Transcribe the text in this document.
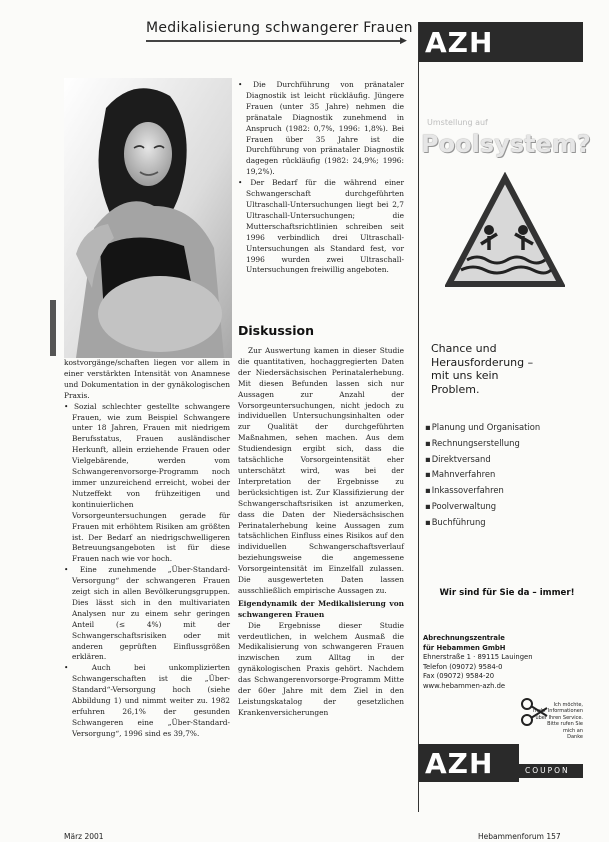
Medikalisierung schwangerer Frauen
▶

kostvorgänge/schaften liegen vor allem in einer verstärkten Intensität von Anamnese und Dokumentation in der gynäkologischen Praxis.

• Sozial schlechter gestellte schwangere Frauen, wie zum Beispiel Schwangere unter 18 Jahren, Frauen mit niedrigem Berufsstatus, Frauen ausländischer Herkunft, allein erziehende Frauen oder Vielgebärende, werden vom Schwangerenvorsorge-Programm noch immer unzureichend erreicht, wobei der Nutzeffekt von frühzeitigen und kontinuierlichen Vorsorgeuntersuchungen gerade für Frauen mit erhöhtem Risiken am größten ist. Der Bedarf an niedrigschwelligeren Betreuungsangeboten ist für diese Frauen nach wie vor hoch.

• Eine zunehmende „Über-Standard-Versorgung“ der schwangeren Frauen zeigt sich in allen Bevölkerungsgruppen. Dies lässt sich in den multivariaten Analysen nur zu einem sehr geringen Anteil (≤ 4%) mit der Schwangerschaftsrisiken oder mit anderen geprüften Einflussgrößen erklären.

• Auch bei unkomplizierten Schwangerschaften ist die „Über-Standard“-Versorgung hoch (siehe Abbildung 1) und nimmt weiter zu. 1982 erfuhren 26,1% der gesunden Schwangeren eine „Über-Standard-Versorgung“, 1996 sind es 39,7%.

• Die Durchführung von pränataler Diagnostik ist leicht rückläufig. Jüngere Frauen (unter 35 Jahre) nehmen die pränatale Diagnostik zunehmend in Anspruch (1982: 0,7%, 1996: 1,8%). Bei Frauen über 35 Jahre ist die Durchführung von pränataler Diagnostik dagegen rückläufig (1982: 24,9%; 1996: 19,2%).

• Der Bedarf für die während einer Schwangerschaft durchgeführten Ultraschall-Untersuchungen liegt bei 2,7 Ultraschall-Untersuchungen; die Mutterschaftsrichtlinien schreiben seit 1996 verbindlich drei Ultraschall-Untersuchungen als Standard fest, vor 1996 wurden zwei Ultraschall-Untersuchungen freiwillig angeboten.

Diskussion

Zur Auswertung kamen in dieser Studie die quantitativen, hochaggregierten Daten der Niedersächsischen Perinatalerhebung. Mit diesen Befunden lassen sich nur Aussagen zur Anzahl der Vorsorgeuntersuchungen, nicht jedoch zu individuellen Untersuchungsinhalten oder zur Qualität der durchgeführten Maßnahmen, sehen machen. Aus dem Studiendesign ergibt sich, dass die tatsächliche Vorsorgeintensität eher unterschätzt wird, was bei der Interpretation der Ergebnisse zu berücksichtigen ist. Zur Klassifizierung der Schwangerschaftsrisiken ist anzumerken, dass die Daten der Niedersächsischen Perinatalerhebung keine Aussagen zum tatsächlichen Einfluss eines Risikos auf den individuellen Schwangerschaftsverlauf beziehungsweise die angemessene Vorsorgeintensität im Einzelfall zulassen. Die ausgewerteten Daten lassen ausschließlich empirische Aussagen zu.

Eigendynamik der Medikalisierung von schwangeren Frauen

Die Ergebnisse dieser Studie verdeutlichen, in welchem Ausmaß die Medikalisierung von schwangeren Frauen inzwischen zum Alltag in der gynäkologischen Praxis gehört. Nachdem das Schwangerenvorsorge-Programm Mitte der 60er Jahre mit dem Ziel in den Leistungskatalog der gesetzlichen Krankenversicherungen

März 2001	Hebammenforum 157
AZH
Umstellung auf
Poolsystem?
Chance und
Herausforderung –
mit uns kein
Problem.
▪ Planung und Organisation
▪ Rechnungserstellung
▪ Direktversand
▪ Mahnverfahren
▪ Inkassoverfahren
▪ Poolverwaltung
▪ Buchführung
Wir sind für Sie da – immer!
Abrechnungszentrale
für Hebammen GmbH
Ehnerstraße 1 · 89115 Lauingen
Telefon (09072) 9584-0
Fax (09072) 9584-20
www.hebammen-azh.de
Ich möchte,
mehr Informationen
über Ihren Service.
Bitte rufen Sie
mich an
Danke
AZH	COUPON
